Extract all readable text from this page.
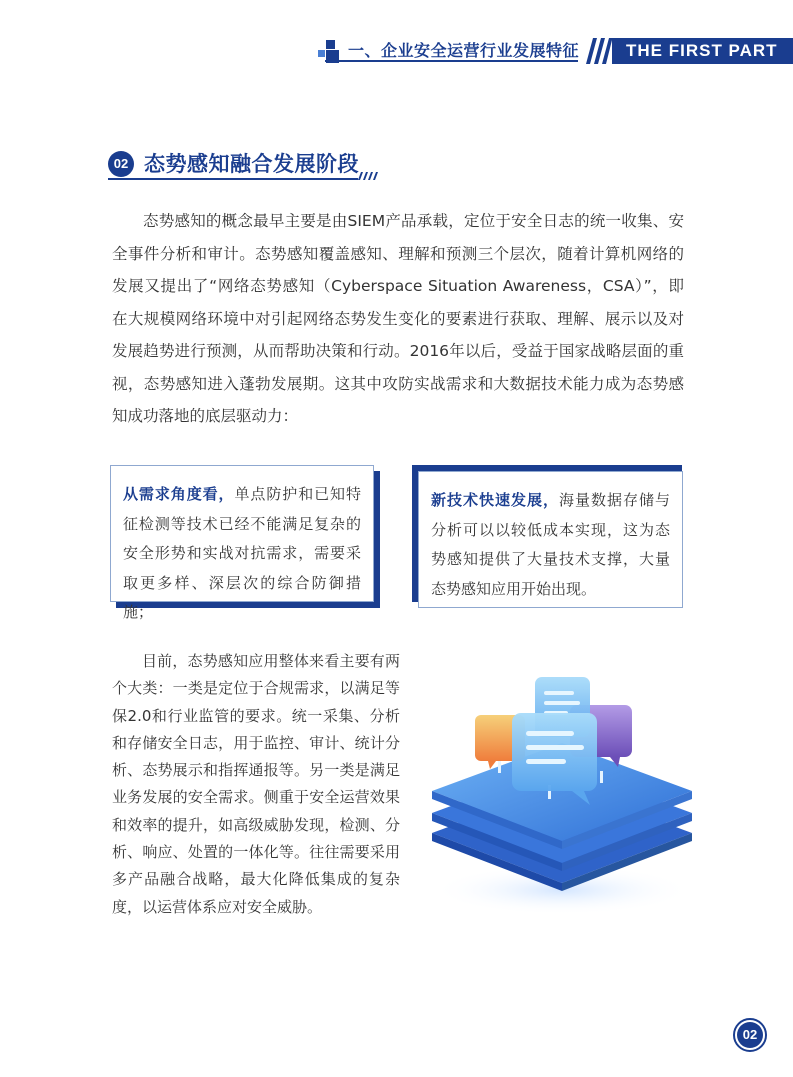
一、企业安全运营行业发展特征	THE FIRST PART
02 态势感知融合发展阶段

态势感知的概念最早主要是由SIEM产品承载，定位于安全日志的统一收集、安全事件分析和审计。态势感知覆盖感知、理解和预测三个层次，随着计算机网络的发展又提出了“网络态势感知（Cyberspace Situation Awareness，CSA）”，即在大规模网络环境中对引起网络态势发生变化的要素进行获取、理解、展示以及对发展趋势进行预测，从而帮助决策和行动。2016年以后，受益于国家战略层面的重视，态势感知进入蓬勃发展期。这其中攻防实战需求和大数据技术能力成为态势感知成功落地的底层驱动力：

从需求角度看，单点防护和已知特征检测等技术已经不能满足复杂的安全形势和实战对抗需求，需要采取更多样、深层次的综合防御措施；
新技术快速发展，海量数据存储与分析可以以较低成本实现，这为态势感知提供了大量技术支撑，大量态势感知应用开始出现。

目前，态势感知应用整体来看主要有两个大类：一类是定位于合规需求，以满足等保2.0和行业监管的要求。统一采集、分析和存储安全日志，用于监控、审计、统计分析、态势展示和指挥通报等。另一类是满足业务发展的安全需求。侧重于安全运营效果和效率的提升，如高级威胁发现，检测、分析、响应、处置的一体化等。往往需要采用多产品融合战略，最大化降低集成的复杂度，以运营体系应对安全威胁。

02
